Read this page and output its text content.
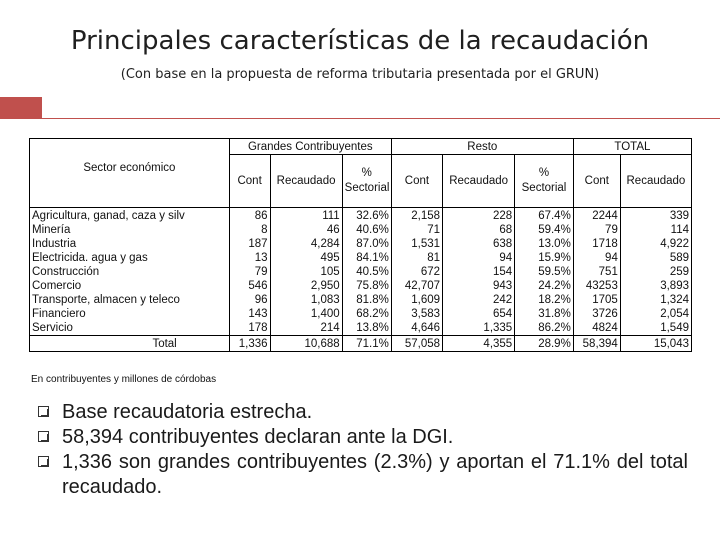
Principales características de la recaudación
(Con base en la propuesta de reforma tributaria presentada por el GRUN)
Sector económico	Grandes Contribuyentes			Resto			TOTAL	
	Cont	Recaudado	% Sectorial	Cont	Recaudado	% Sectorial	Cont	Recaudado
Agricultura, ganad, caza y silv	86	111	32.6%	2,158	228	67.4%	2244	339
Minería	8	46	40.6%	71	68	59.4%	79	114
Industria	187	4,284	87.0%	1,531	638	13.0%	1718	4,922
Electricida. agua y gas	13	495	84.1%	81	94	15.9%	94	589
Construcción	79	105	40.5%	672	154	59.5%	751	259
Comercio	546	2,950	75.8%	42,707	943	24.2%	43253	3,893
Transporte, almacen y teleco	96	1,083	81.8%	1,609	242	18.2%	1705	1,324
Financiero	143	1,400	68.2%	3,583	654	31.8%	3726	2,054
Servicio	178	214	13.8%	4,646	1,335	86.2%	4824	1,549
Total	1,336	10,688	71.1%	57,058	4,355	28.9%	58,394	15,043
En contribuyentes y millones de córdobas
Base recaudatoria estrecha.
58,394 contribuyentes declaran ante la DGI.
1,336 son grandes contribuyentes (2.3%) y aportan el 71.1% del total recaudado.
